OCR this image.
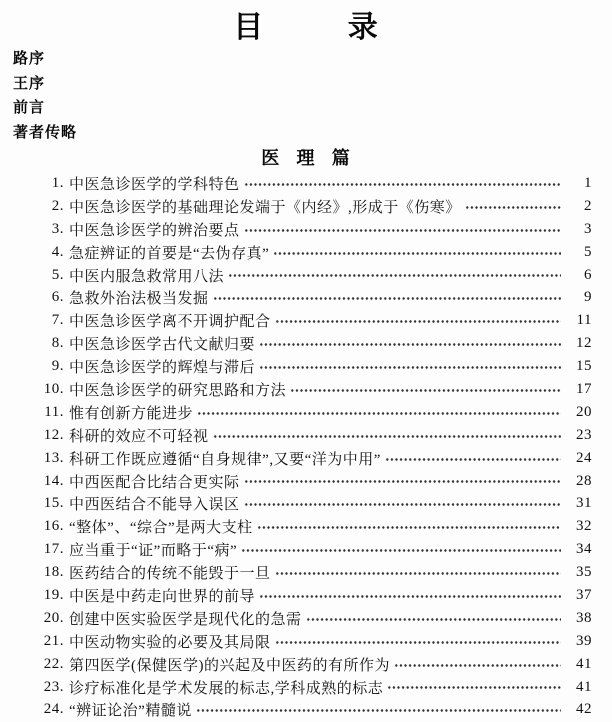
目 录
路序
王序
前言
著者传略
医 理 篇
1. 中医急诊医学的学科特色	1
2. 中医急诊医学的基础理论发端于《内经》,形成于《伤寒》	2
3. 中医急诊医学的辨治要点	3
4. 急症辨证的首要是“去伪存真”	5
5. 中医内服急救常用八法	6
6. 急救外治法极当发掘	9
7. 中医急诊医学离不开调护配合	11
8. 中医急诊医学古代文献归要	12
9. 中医急诊医学的辉煌与滞后	15
10. 中医急诊医学的研究思路和方法	17
11. 惟有创新方能进步	20
12. 科研的效应不可轻视	23
13. 科研工作既应遵循“自身规律”,又要“洋为中用”	24
14. 中西医配合比结合更实际	28
15. 中西医结合不能导入误区	31
16. “整体”、“综合”是两大支柱	32
17. 应当重于“证”而略于“病”	34
18. 医药结合的传统不能毁于一旦	35
19. 中医是中药走向世界的前导	37
20. 创建中医实验医学是现代化的急需	38
21. 中医动物实验的必要及其局限	39
22. 第四医学(保健医学)的兴起及中医药的有所作为	41
23. 诊疗标准化是学术发展的标志,学科成熟的标志	41
24. “辨证论治”精髓说	42
